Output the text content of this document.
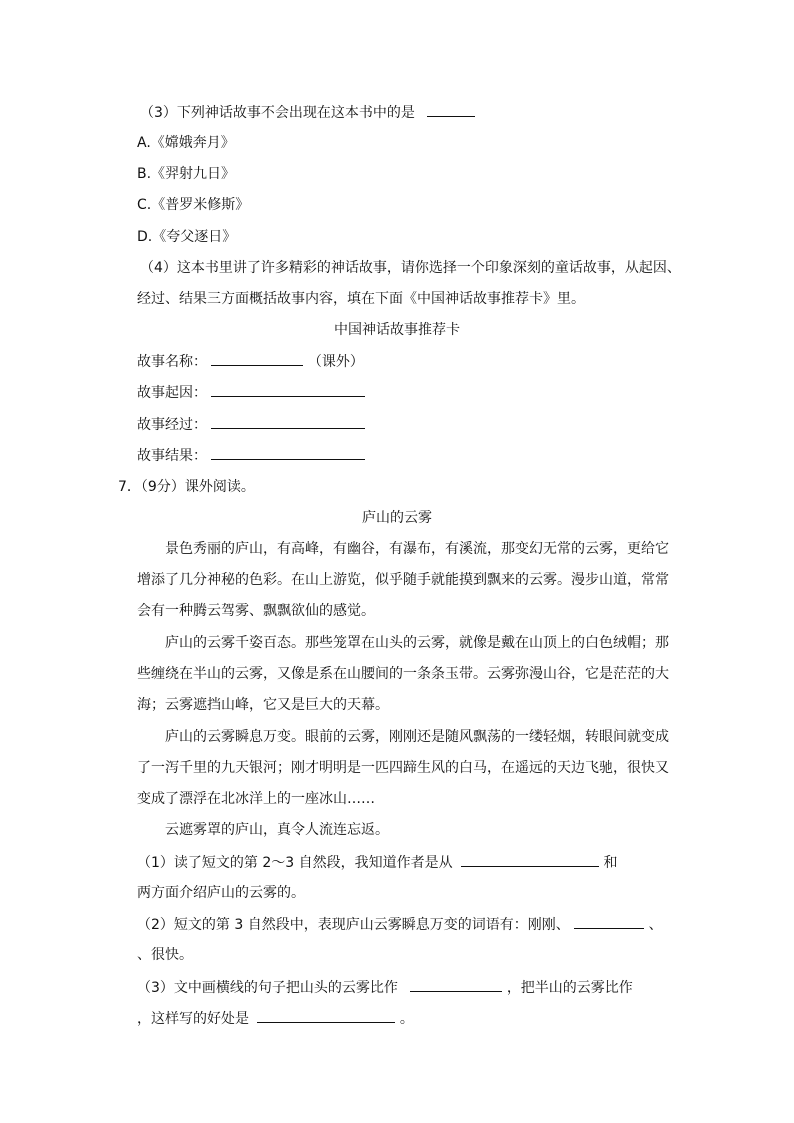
（3）下列神话故事不会出现在这本书中的是
A.《嫦娥奔月》
B.《羿射九日》
C.《普罗米修斯》
D.《夸父逐日》
（4）这本书里讲了许多精彩的神话故事，请你选择一个印象深刻的童话故事，从起因、
经过、结果三方面概括故事内容，填在下面《中国神话故事推荐卡》里。
中国神话故事推荐卡
故事名称：	（课外）
故事起因：
故事经过：
故事结果：
7．（9分）课外阅读。
庐山的云雾
景色秀丽的庐山，有高峰，有幽谷，有瀑布，有溪流，那变幻无常的云雾，更给它
增添了几分神秘的色彩。在山上游览，似乎随手就能摸到飘来的云雾。漫步山道，常常
会有一种腾云驾雾、飘飘欲仙的感觉。
庐山的云雾千姿百态。那些笼罩在山头的云雾，就像是戴在山顶上的白色绒帽；那
些缠绕在半山的云雾，又像是系在山腰间的一条条玉带。云雾弥漫山谷，它是茫茫的大
海；云雾遮挡山峰，它又是巨大的天幕。
庐山的云雾瞬息万变。眼前的云雾，刚刚还是随风飘荡的一缕轻烟，转眼间就变成
了一泻千里的九天银河；刚才明明是一匹四蹄生风的白马，在遥远的天边飞驰，很快又
变成了漂浮在北冰洋上的一座冰山……
云遮雾罩的庐山，真令人流连忘返。
（1）读了短文的第 2～3 自然段，我知道作者是从	和
两方面介绍庐山的云雾的。
（2）短文的第 3 自然段中，表现庐山云雾瞬息万变的词语有：刚刚、	、
、很快。
（3）文中画横线的句子把山头的云雾比作	，把半山的云雾比作
，这样写的好处是	。
